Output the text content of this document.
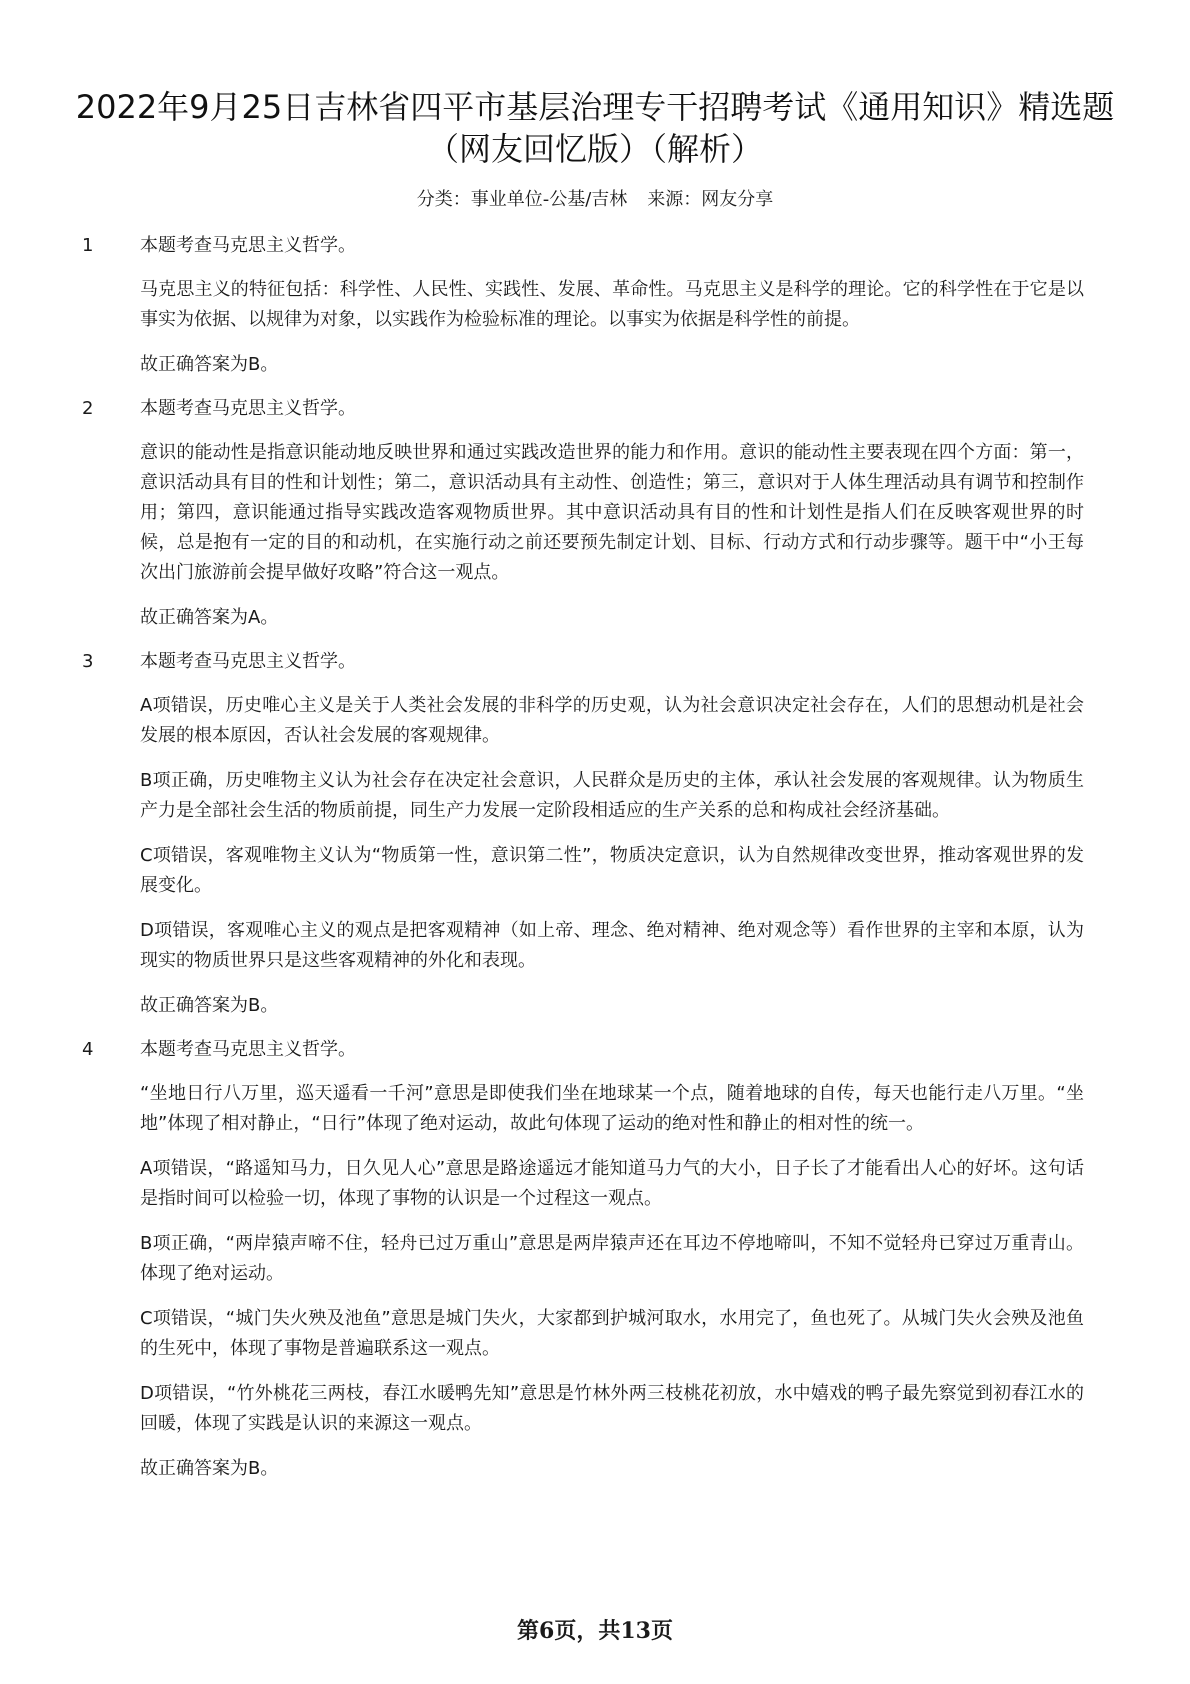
2022年9月25日吉林省四平市基层治理专干招聘考试《通用知识》精选题（网友回忆版）（解析）
分类：事业单位-公基/吉林 来源：网友分享
1	本题考查马克思主义哲学。
马克思主义的特征包括：科学性、人民性、实践性、发展、革命性。马克思主义是科学的理论。它的科学性在于它是以事实为依据、以规律为对象，以实践作为检验标准的理论。以事实为依据是科学性的前提。
故正确答案为B。
2	本题考查马克思主义哲学。
意识的能动性是指意识能动地反映世界和通过实践改造世界的能力和作用。意识的能动性主要表现在四个方面：第一，意识活动具有目的性和计划性；第二，意识活动具有主动性、创造性；第三，意识对于人体生理活动具有调节和控制作用；第四，意识能通过指导实践改造客观物质世界。其中意识活动具有目的性和计划性是指人们在反映客观世界的时候，总是抱有一定的目的和动机，在实施行动之前还要预先制定计划、目标、行动方式和行动步骤等。题干中“小王每次出门旅游前会提早做好攻略”符合这一观点。
故正确答案为A。
3	本题考查马克思主义哲学。
A项错误，历史唯心主义是关于人类社会发展的非科学的历史观，认为社会意识决定社会存在，人们的思想动机是社会发展的根本原因，否认社会发展的客观规律。
B项正确，历史唯物主义认为社会存在决定社会意识，人民群众是历史的主体，承认社会发展的客观规律。认为物质生产力是全部社会生活的物质前提，同生产力发展一定阶段相适应的生产关系的总和构成社会经济基础。
C项错误，客观唯物主义认为“物质第一性，意识第二性”，物质决定意识，认为自然规律改变世界，推动客观世界的发展变化。
D项错误，客观唯心主义的观点是把客观精神（如上帝、理念、绝对精神、绝对观念等）看作世界的主宰和本原，认为现实的物质世界只是这些客观精神的外化和表现。
故正确答案为B。
4	本题考查马克思主义哲学。
“坐地日行八万里，巡天遥看一千河”意思是即使我们坐在地球某一个点，随着地球的自传，每天也能行走八万里。“坐地”体现了相对静止，“日行”体现了绝对运动，故此句体现了运动的绝对性和静止的相对性的统一。
A项错误，“路遥知马力，日久见人心”意思是路途遥远才能知道马力气的大小，日子长了才能看出人心的好坏。这句话是指时间可以检验一切，体现了事物的认识是一个过程这一观点。
B项正确，“两岸猿声啼不住，轻舟已过万重山”意思是两岸猿声还在耳边不停地啼叫，不知不觉轻舟已穿过万重青山。体现了绝对运动。
C项错误，“城门失火殃及池鱼”意思是城门失火，大家都到护城河取水，水用完了，鱼也死了。从城门失火会殃及池鱼的生死中，体现了事物是普遍联系这一观点。
D项错误，“竹外桃花三两枝，春江水暖鸭先知”意思是竹林外两三枝桃花初放，水中嬉戏的鸭子最先察觉到初春江水的回暖，体现了实践是认识的来源这一观点。
故正确答案为B。
第6页，共13页
